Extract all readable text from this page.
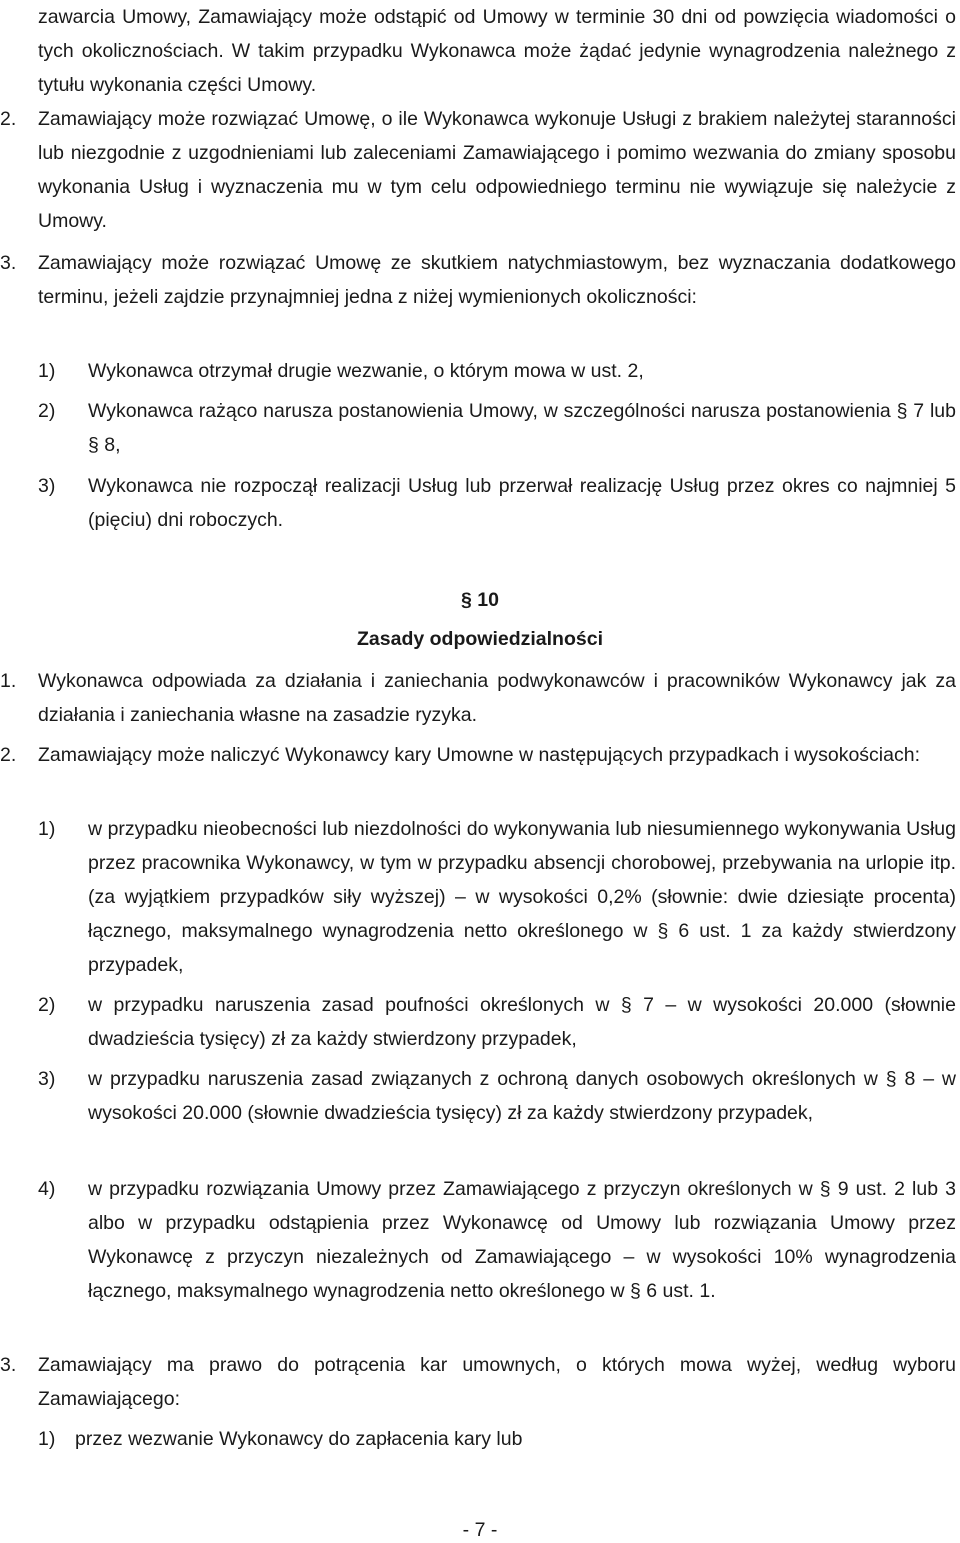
zawarcia Umowy, Zamawiający może odstąpić od Umowy w terminie 30 dni od powzięcia wiadomości o tych okolicznościach. W takim przypadku Wykonawca może żądać jedynie wynagrodzenia należnego z tytułu wykonania części Umowy.

2. Zamawiający może rozwiązać Umowę, o ile Wykonawca wykonuje Usługi z brakiem należytej staranności lub niezgodnie z uzgodnieniami lub zaleceniami Zamawiającego i pomimo wezwania do zmiany sposobu wykonania Usług i wyznaczenia mu w tym celu odpowiedniego terminu nie wywiązuje się należycie z Umowy.
3. Zamawiający może rozwiązać Umowę ze skutkiem natychmiastowym, bez wyznaczania dodatkowego terminu, jeżeli zajdzie przynajmniej jedna z niżej wymienionych okoliczności:
1) Wykonawca otrzymał drugie wezwanie, o którym mowa w ust. 2,
2) Wykonawca rażąco narusza postanowienia Umowy, w szczególności narusza postanowienia § 7 lub § 8,
3) Wykonawca nie rozpoczął realizacji Usług lub przerwał realizację Usług przez okres co najmniej 5 (pięciu) dni roboczych.
§ 10
Zasady odpowiedzialności
1. Wykonawca odpowiada za działania i zaniechania podwykonawców i pracowników Wykonawcy jak za działania i zaniechania własne na zasadzie ryzyka.
2. Zamawiający może naliczyć Wykonawcy kary Umowne w następujących przypadkach i wysokościach:
1) w przypadku nieobecności lub niezdolności do wykonywania lub niesumiennego wykonywania Usług przez pracownika Wykonawcy, w tym w przypadku absencji chorobowej, przebywania na urlopie itp. (za wyjątkiem przypadków siły wyższej) – w wysokości 0,2% (słownie: dwie dziesiąte procenta) łącznego, maksymalnego wynagrodzenia netto określonego w § 6 ust. 1 za każdy stwierdzony przypadek,
2) w przypadku naruszenia zasad poufności określonych w § 7 – w wysokości 20.000 (słownie dwadzieścia tysięcy) zł za każdy stwierdzony przypadek,
3) w przypadku naruszenia zasad związanych z ochroną danych osobowych określonych w § 8 – w wysokości 20.000 (słownie dwadzieścia tysięcy) zł za każdy stwierdzony przypadek,
4) w przypadku rozwiązania Umowy przez Zamawiającego z przyczyn określonych w § 9 ust. 2 lub 3 albo w przypadku odstąpienia przez Wykonawcę od Umowy lub rozwiązania Umowy przez Wykonawcę z przyczyn niezależnych od Zamawiającego – w wysokości 10% wynagrodzenia łącznego, maksymalnego wynagrodzenia netto określonego w § 6 ust. 1.
3. Zamawiający ma prawo do potrącenia kar umownych, o których mowa wyżej, według wyboru Zamawiającego:
1) przez wezwanie Wykonawcy do zapłacenia kary lub
- 7 -
